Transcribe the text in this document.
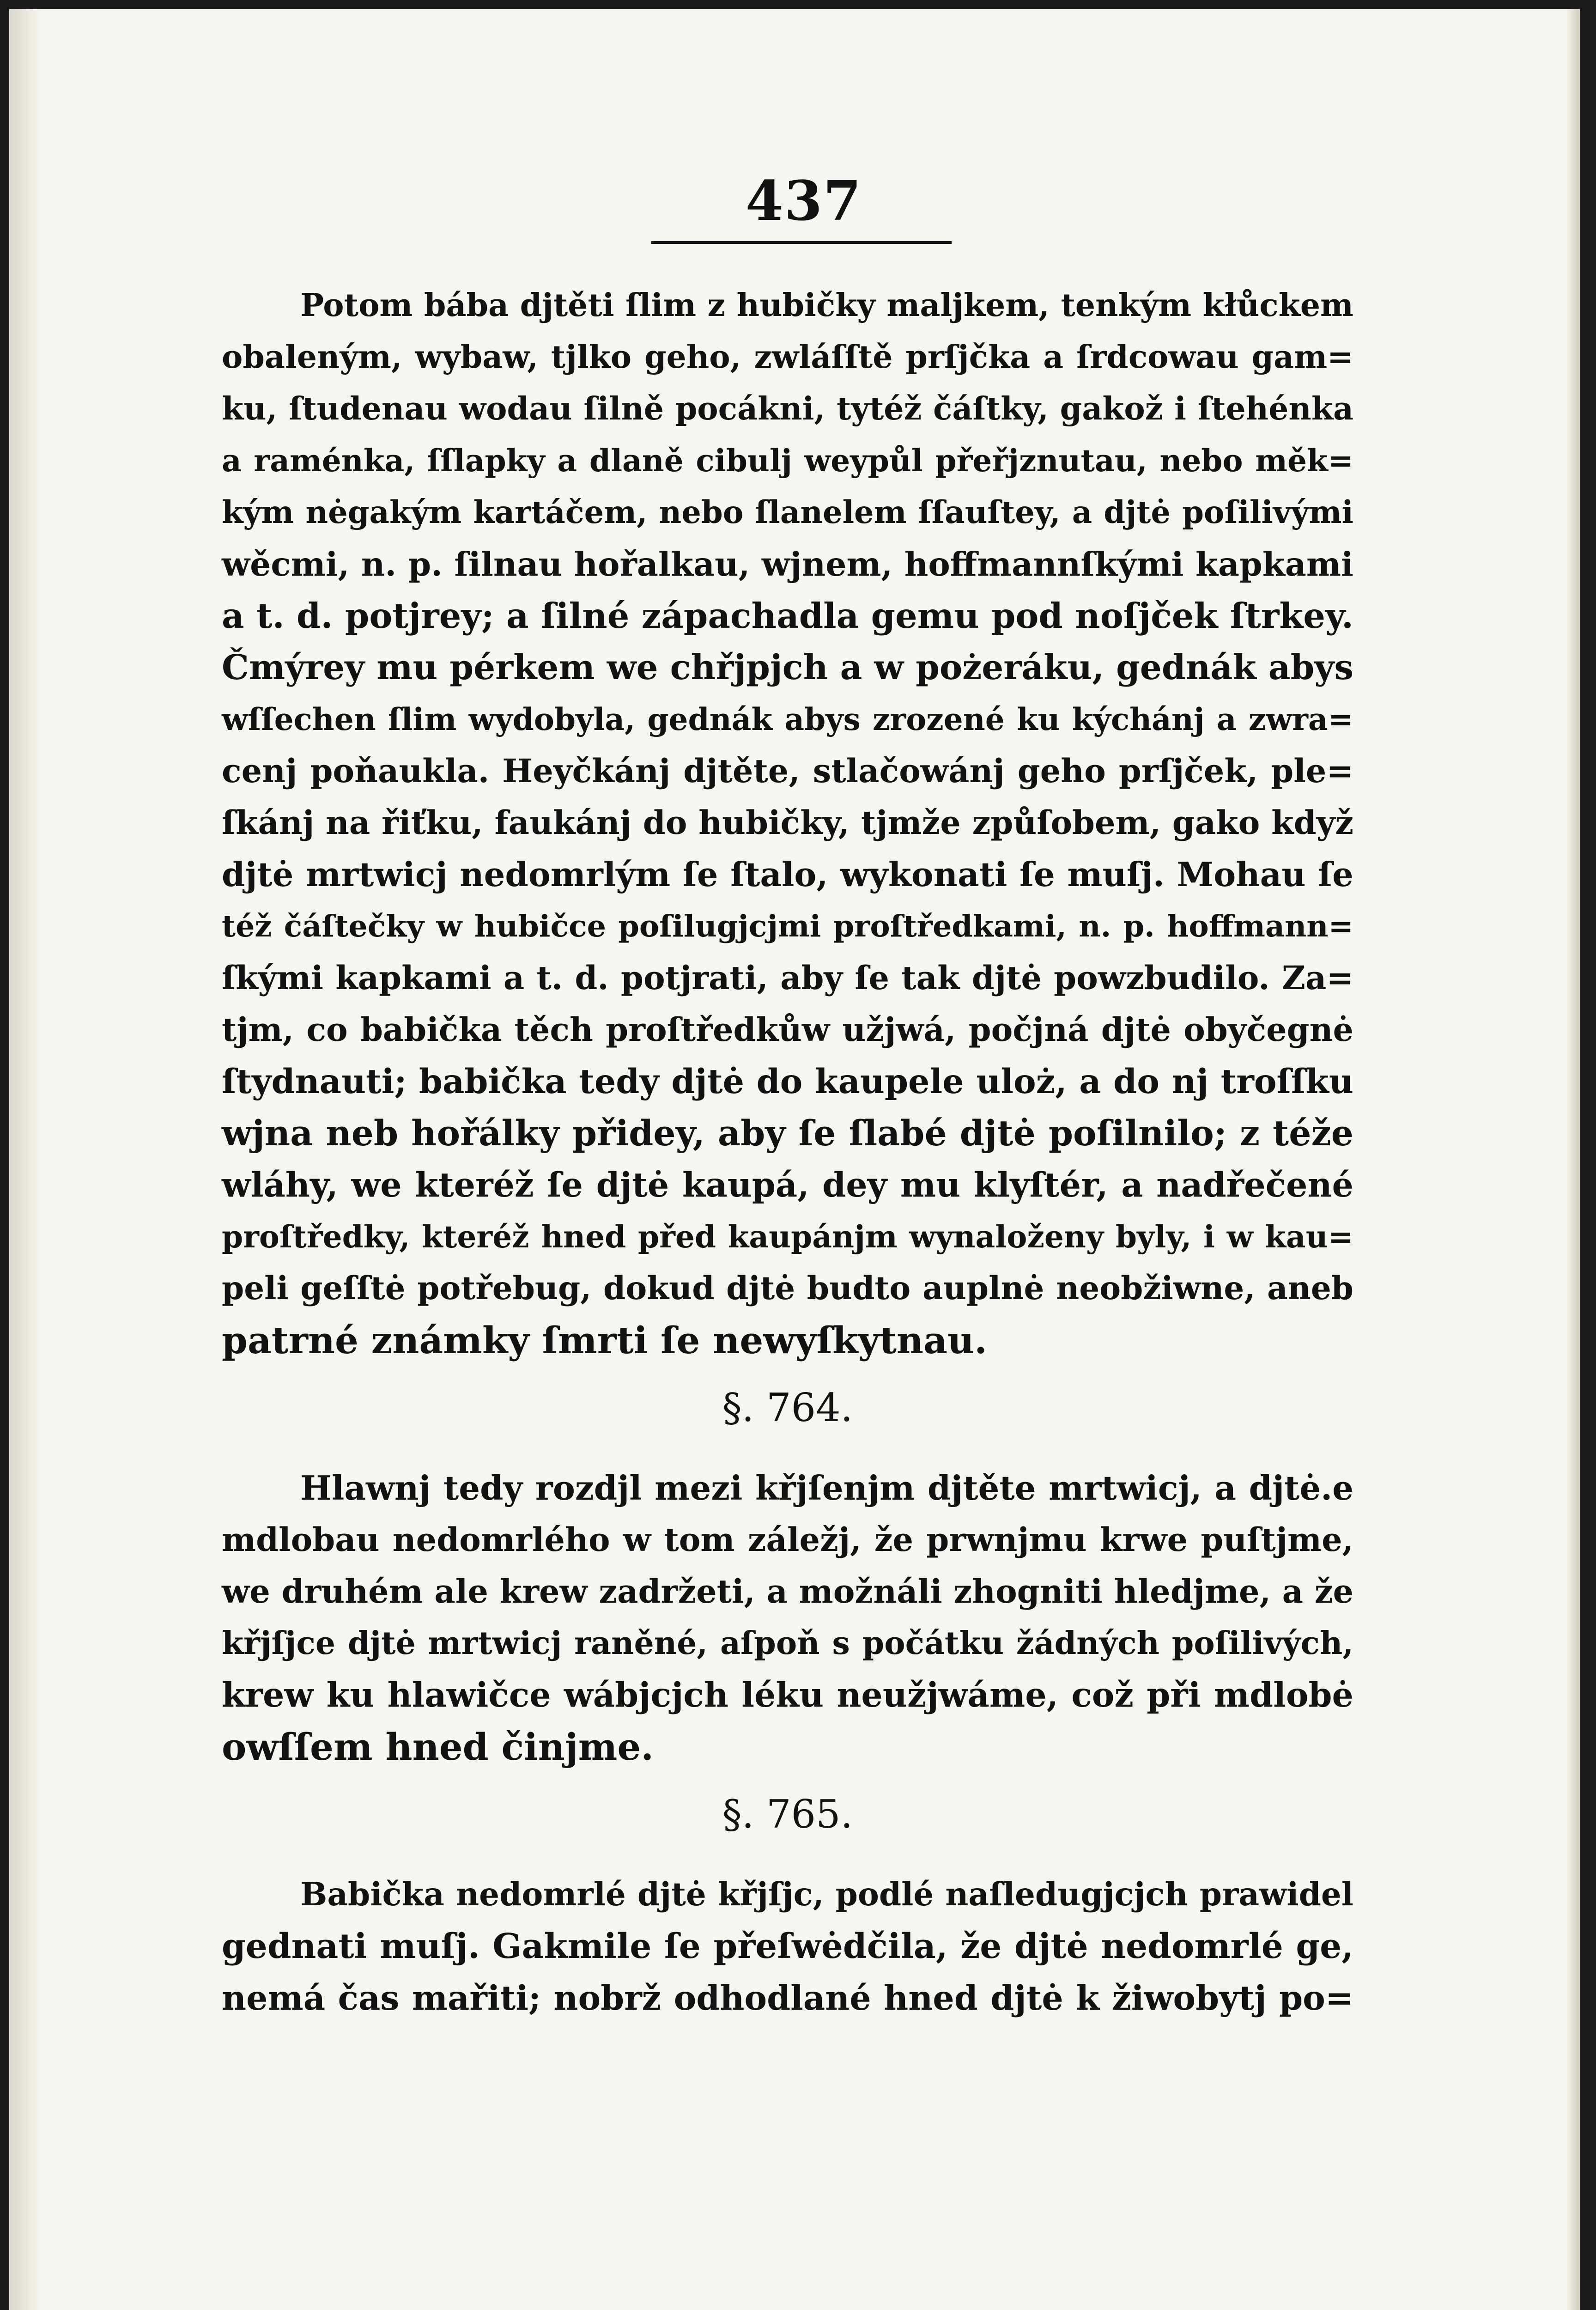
437
Potom bába djtěti ſlim z hubičky maljkem, tenkým kłůckem
obaleným, wybaw, tjlko geho, zwláſſtě prſjčka a ſrdcowau gam=
ku, ſtudenau wodau ſilně pocákni, tytéž čáſtky, gakož i ſtehénka
a raménka, ſſlapky a dlaně cibulj weypůl přeřjznutau, nebo měk=
kým nėgakým kartáčem, nebo ſlanelem ſſauſtey, a djtė poſilivými
wěcmi, n. p. ſilnau hořalkau, wjnem, hoffmannſkými kapkami
a t. d. potjrey; a ſilné zápachadla gemu pod noſjček ſtrkey.
Čmýrey mu pérkem we chřjpjch a w pożeráku, gednák abys
wſſechen ſlim wydobyla, gednák abys zrozené ku kýchánj a zwra=
cenj poňaukla. Heyčkánj djtěte, stlačowánj geho prſjček, ple=
ſkánj na řiťku, faukánj do hubičky, tjmže způſobem, gako když
djtė mrtwicj nedomrlým ſe ſtalo, wykonati ſe muſj. Mohau ſe
též čáſtečky w hubičce poſilugjcjmi proſtředkami, n. p. hoffmann=
ſkými kapkami a t. d. potjrati, aby ſe tak djtė powzbudilo. Za=
tjm, co babička těch proſtředkůw užjwá, počjná djtė obyčegnė
ſtydnauti; babička tedy djtė do kaupele uloż, a do nj troſſku
wjna neb hořálky přidey, aby ſe ſlabé djtė poſilnilo; z téže
wláhy, we kteréž ſe djtė kaupá, dey mu klyſtér, a nadřečené
proſtředky, kteréž hned před kaupánjm wynaloženy byly, i w kau=
peli geſſtė potřebug, dokud djtė budto auplnė neobžiwne, aneb
patrné známky ſmrti ſe newyſkytnau.
§. 764.
Hlawnj tedy rozdjl mezi křjſenjm djtěte mrtwicj, a djtė.e
mdlobau nedomrlého w tom záležj, že prwnjmu krwe puſtjme,
we druhém ale krew zadržeti, a možnáli zhogniti hledjme, a že
křjſjce djtė mrtwicj raněné, aſpoň s počátku žádných poſilivých,
krew ku hlawičce wábjcjch léku neužjwáme, což při mdlobė
owſſem hned činjme.
§. 765.
Babička nedomrlé djtė křjſjc, podlé naſledugjcjch prawidel
gednati muſj. Gakmile ſe přeſwėdčila, že djtė nedomrlé ge,
nemá čas mařiti; nobrž odhodlané hned djtė k žiwobytj po=
